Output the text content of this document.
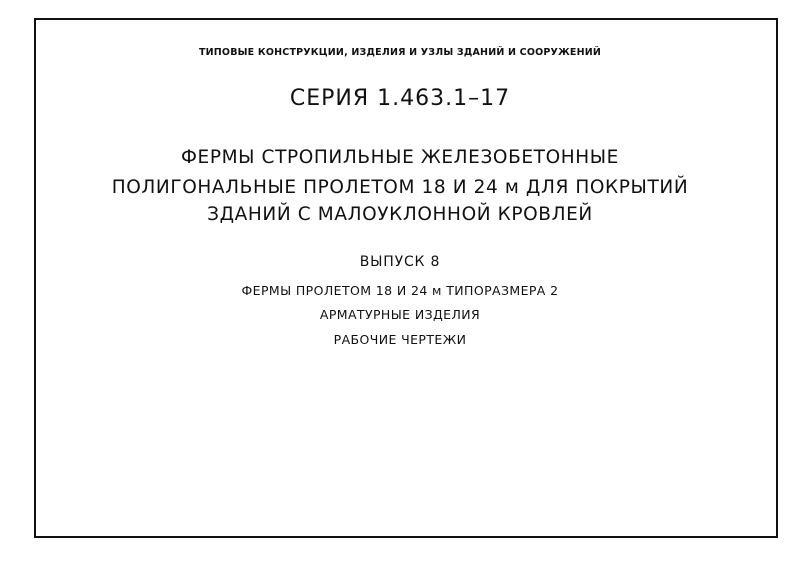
ТИПОВЫЕ КОНСТРУКЦИИ, ИЗДЕЛИЯ И УЗЛЫ ЗДАНИЙ И СООРУЖЕНИЙ
СЕРИЯ 1.463.1–17
ФЕРМЫ СТРОПИЛЬНЫЕ ЖЕЛЕЗОБЕТОННЫЕ
ПОЛИГОНАЛЬНЫЕ ПРОЛЕТОМ 18 И 24 м ДЛЯ ПОКРЫТИЙ
ЗДАНИЙ С МАЛОУКЛОННОЙ КРОВЛЕЙ
ВЫПУСК 8
ФЕРМЫ ПРОЛЕТОМ 18 И 24 м ТИПОРАЗМЕРА 2
АРМАТУРНЫЕ ИЗДЕЛИЯ
РАБОЧИЕ ЧЕРТЕЖИ
